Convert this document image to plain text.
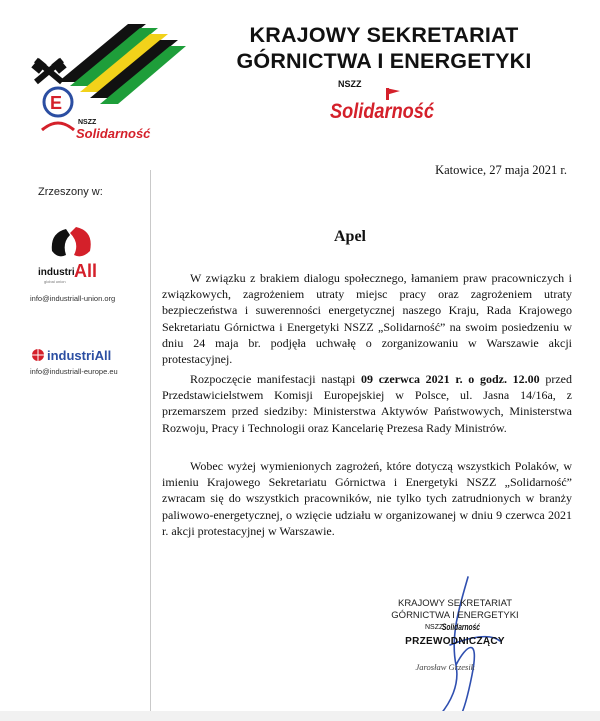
E
NSZZ
Solidarność
KRAJOWY SEKRETARIAT
GÓRNICTWA I ENERGETYKI
NSZZ
Solidarność
Katowice, 27 maja 2021 r.
Zrzeszony w:
industri All
global union
info@industriall-union.org
industriAll
info@industriall-europe.eu
Apel
W związku z brakiem dialogu społecznego, łamaniem praw pracowniczych i związkowych, zagrożeniem utraty miejsc pracy oraz zagrożeniem utraty bezpieczeństwa i suwerenności energetycznej naszego Kraju, Rada Krajowego Sekretariatu Górnictwa i Energetyki NSZZ „Solidarność” na swoim posiedzeniu w dniu 24 maja br. podjęła uchwałę o zorganizowaniu w Warszawie akcji protestacyjnej.
Rozpoczęcie manifestacji nastąpi 09 czerwca 2021 r. o godz. 12.00 przed Przedstawicielstwem Komisji Europejskiej w Polsce, ul. Jasna 14/16a, z przemarszem przed siedziby: Ministerstwa Aktywów Państwowych, Ministerstwa Rozwoju, Pracy i Technologii oraz Kancelarię Prezesa Rady Ministrów.
Wobec wyżej wymienionych zagrożeń, które dotyczą wszystkich Polaków, w imieniu Krajowego Sekretariatu Górnictwa i Energetyki NSZZ „Solidarność” zwracam się do wszystkich pracowników, nie tylko tych zatrudnionych w branży paliwowo-energetycznej, o wzięcie udziału w organizowanej w dniu 9 czerwca 2021 r. akcji protestacyjnej w Warszawie.
KRAJOWY SEKRETARIAT
GÓRNICTWA I ENERGETYKI
NSZZ
Solidarność
PRZEWODNICZĄCY
Jarosław Grzesik
